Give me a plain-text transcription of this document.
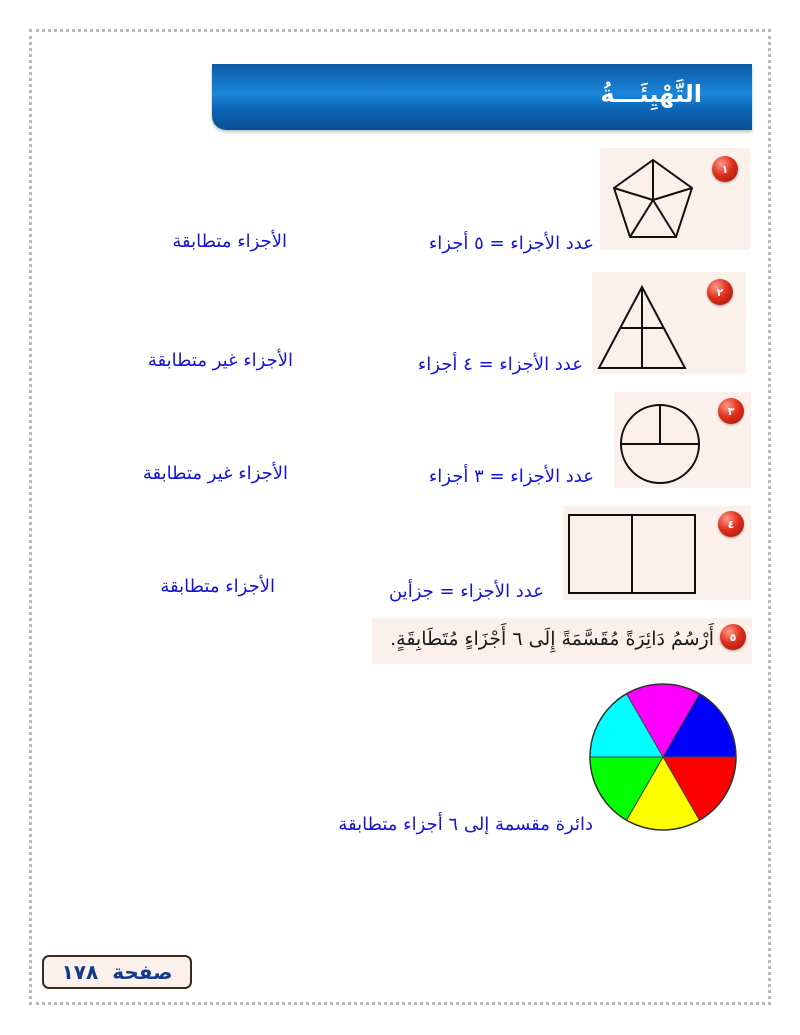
التَّهْيِئَـــةُ
١
عدد الأجزاء = ٥ أجزاء
الأجزاء متطابقة
٢
عدد الأجزاء = ٤ أجزاء
الأجزاء غير متطابقة
٣
عدد الأجزاء = ٣ أجزاء
الأجزاء غير متطابقة
٤
عدد الأجزاء = جزأين
الأجزاء متطابقة
٥
أَرْسُمُ دَائِرَةً مُقَسَّمَةً إِلَى ٦ أَجْزَاءٍ مُتَطَابِقَةٍ.
دائرة مقسمة إلى ٦ أجزاء متطابقة
صفحة
١٧٨
